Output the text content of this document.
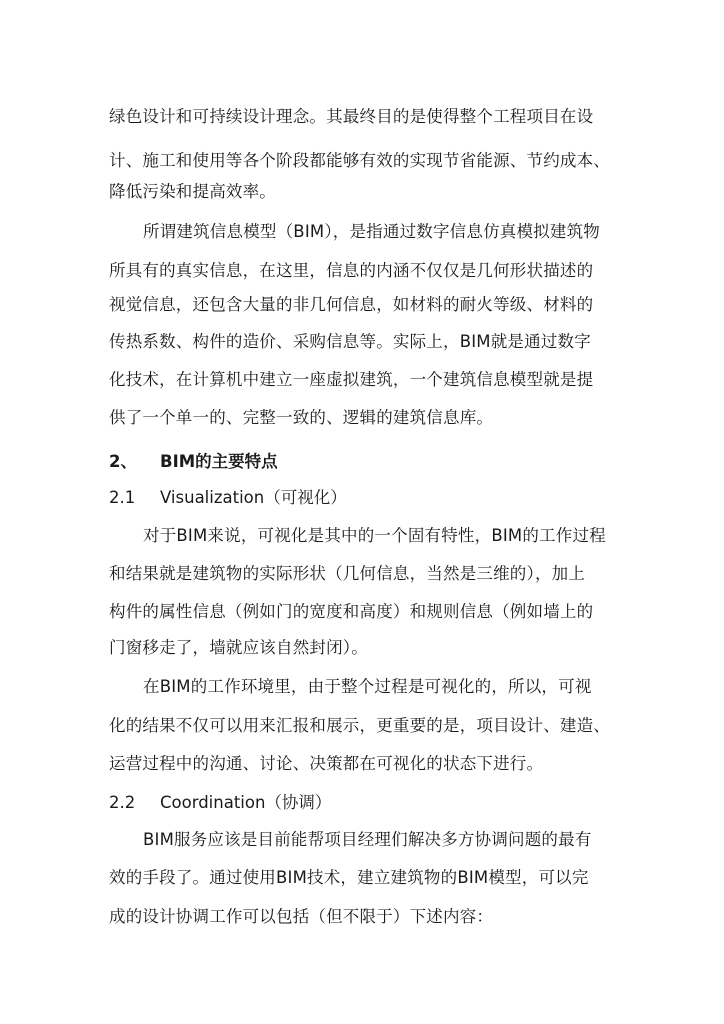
绿色设计和可持续设计理念。其最终目的是使得整个工程项目在设
计、施工和使用等各个阶段都能够有效的实现节省能源、节约成本、
降低污染和提高效率。
所谓建筑信息模型（BIM），是指通过数字信息仿真模拟建筑物
所具有的真实信息，在这里，信息的内涵不仅仅是几何形状描述的
视觉信息，还包含大量的非几何信息，如材料的耐火等级、材料的
传热系数、构件的造价、采购信息等。实际上，BIM就是通过数字
化技术，在计算机中建立一座虚拟建筑，一个建筑信息模型就是提
供了一个单一的、完整一致的、逻辑的建筑信息库。
2、 BIM的主要特点
2.1 Visualization（可视化）
对于BIM来说，可视化是其中的一个固有特性，BIM的工作过程
和结果就是建筑物的实际形状（几何信息，当然是三维的），加上
构件的属性信息（例如门的宽度和高度）和规则信息（例如墙上的
门窗移走了，墙就应该自然封闭）。
在BIM的工作环境里，由于整个过程是可视化的，所以，可视
化的结果不仅可以用来汇报和展示，更重要的是，项目设计、建造、
运营过程中的沟通、讨论、决策都在可视化的状态下进行。
2.2 Coordination（协调）
BIM服务应该是目前能帮项目经理们解决多方协调问题的最有
效的手段了。通过使用BIM技术，建立建筑物的BIM模型，可以完
成的设计协调工作可以包括（但不限于）下述内容：
